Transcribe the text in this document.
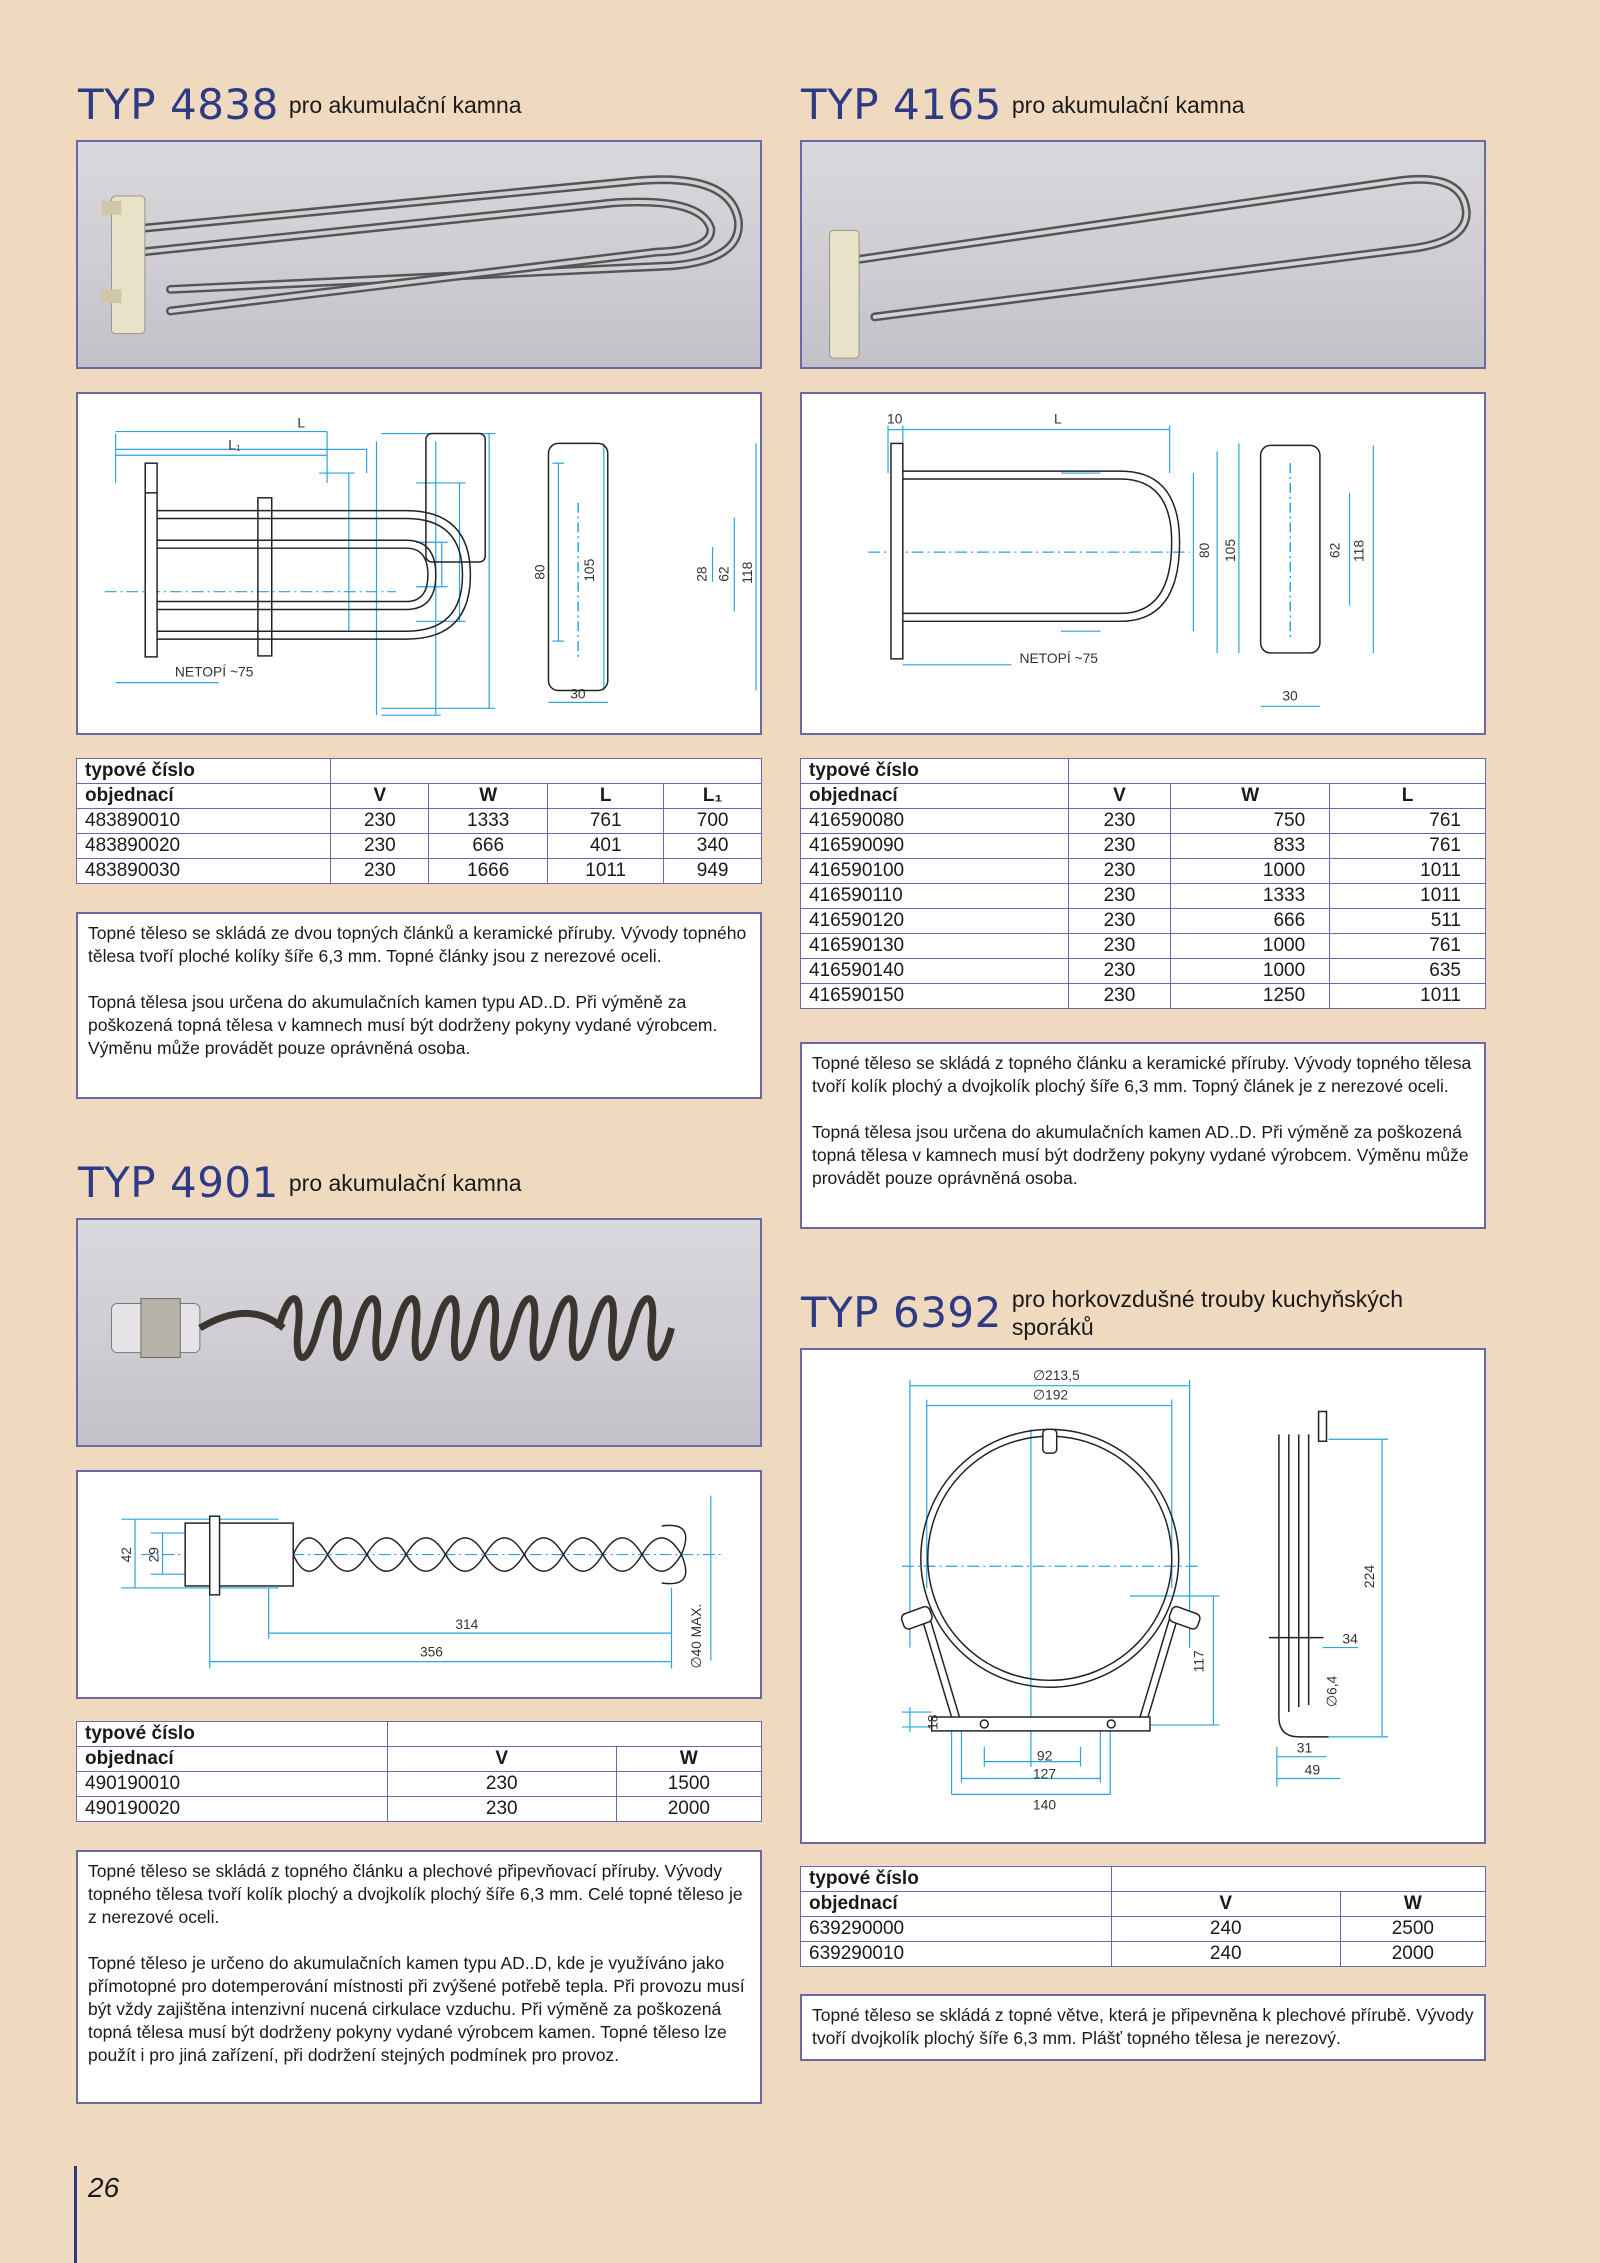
TYP 4838 pro akumulační kamna
L
L₁
NETOPÍ ~75
80 105	28 62 118
30
typové číslo				
objednací	V	W	L	L₁
483890010	230	1333	761	700
483890020	230	666	401	340
483890030	230	1666	1011	949

Topné těleso se skládá ze dvou topných článků a keramické příruby. Vývody topného tělesa tvoří ploché kolíky šíře 6,3 mm. Topné články jsou z nerezové oceli.

Topná tělesa jsou určena do akumulačních kamen typu AD..D. Při výměně za poškozená topná tělesa v kamnech musí být dodrženy pokyny vydané výrobcem. Výměnu může provádět pouze oprávněná osoba.

TYP 4165 pro akumulační kamna
10	L
NETOPÍ ~75
80 105	62 118
30
typové číslo			
objednací	V	W	L
416590080	230	750	761
416590090	230	833	761
416590100	230	1000	1011
416590110	230	1333	1011
416590120	230	666	511
416590130	230	1000	761
416590140	230	1000	635
416590150	230	1250	1011

Topné těleso se skládá z topného článku a keramické příruby. Vývody topného tělesa tvoří kolík plochý a dvojkolík plochý šíře 6,3 mm. Topný článek je z nerezové oceli.

Topná tělesa jsou určena do akumulačních kamen AD..D. Při výměně za poškozená topná tělesa v kamnech musí být dodrženy pokyny vydané výrobcem. Výměnu může provádět pouze oprávněná osoba.

TYP 4901 pro akumulační kamna
42 29
314
356	∅40 MAX.
typové číslo		
objednací	V	W
490190010	230	1500
490190020	230	2000

Topné těleso se skládá z topného článku a plechové připevňovací příruby. Vývody topného tělesa tvoří kolík plochý a dvojkolík plochý šíře 6,3 mm. Celé topné těleso je z nerezové oceli.

Topné těleso je určeno do akumulačních kamen typu AD..D, kde je využíváno jako přímotopné pro dotemperování místnosti při zvýšené potřebě tepla. Při provozu musí být vždy zajištěna intenzivní nucená cirkulace vzduchu. Při výměně za poškozená topná tělesa musí být dodrženy pokyny vydané výrobcem kamen. Topné těleso lze použít i pro jiná zařízení, při dodržení stejných podmínek pro provoz.

TYP 6392 pro horkovzdušné trouby kuchyňských sporáků
∅213,5
∅192
117
18
92
127
140
224
34
∅6,4
31
49
typové číslo		
objednací	V	W
639290000	240	2500
639290010	240	2000

Topné těleso se skládá z topné větve, která je připevněna k plechové přírubě. Vývody tvoří dvojkolík plochý šíře 6,3 mm. Plášť topného tělesa je nerezový.

26
